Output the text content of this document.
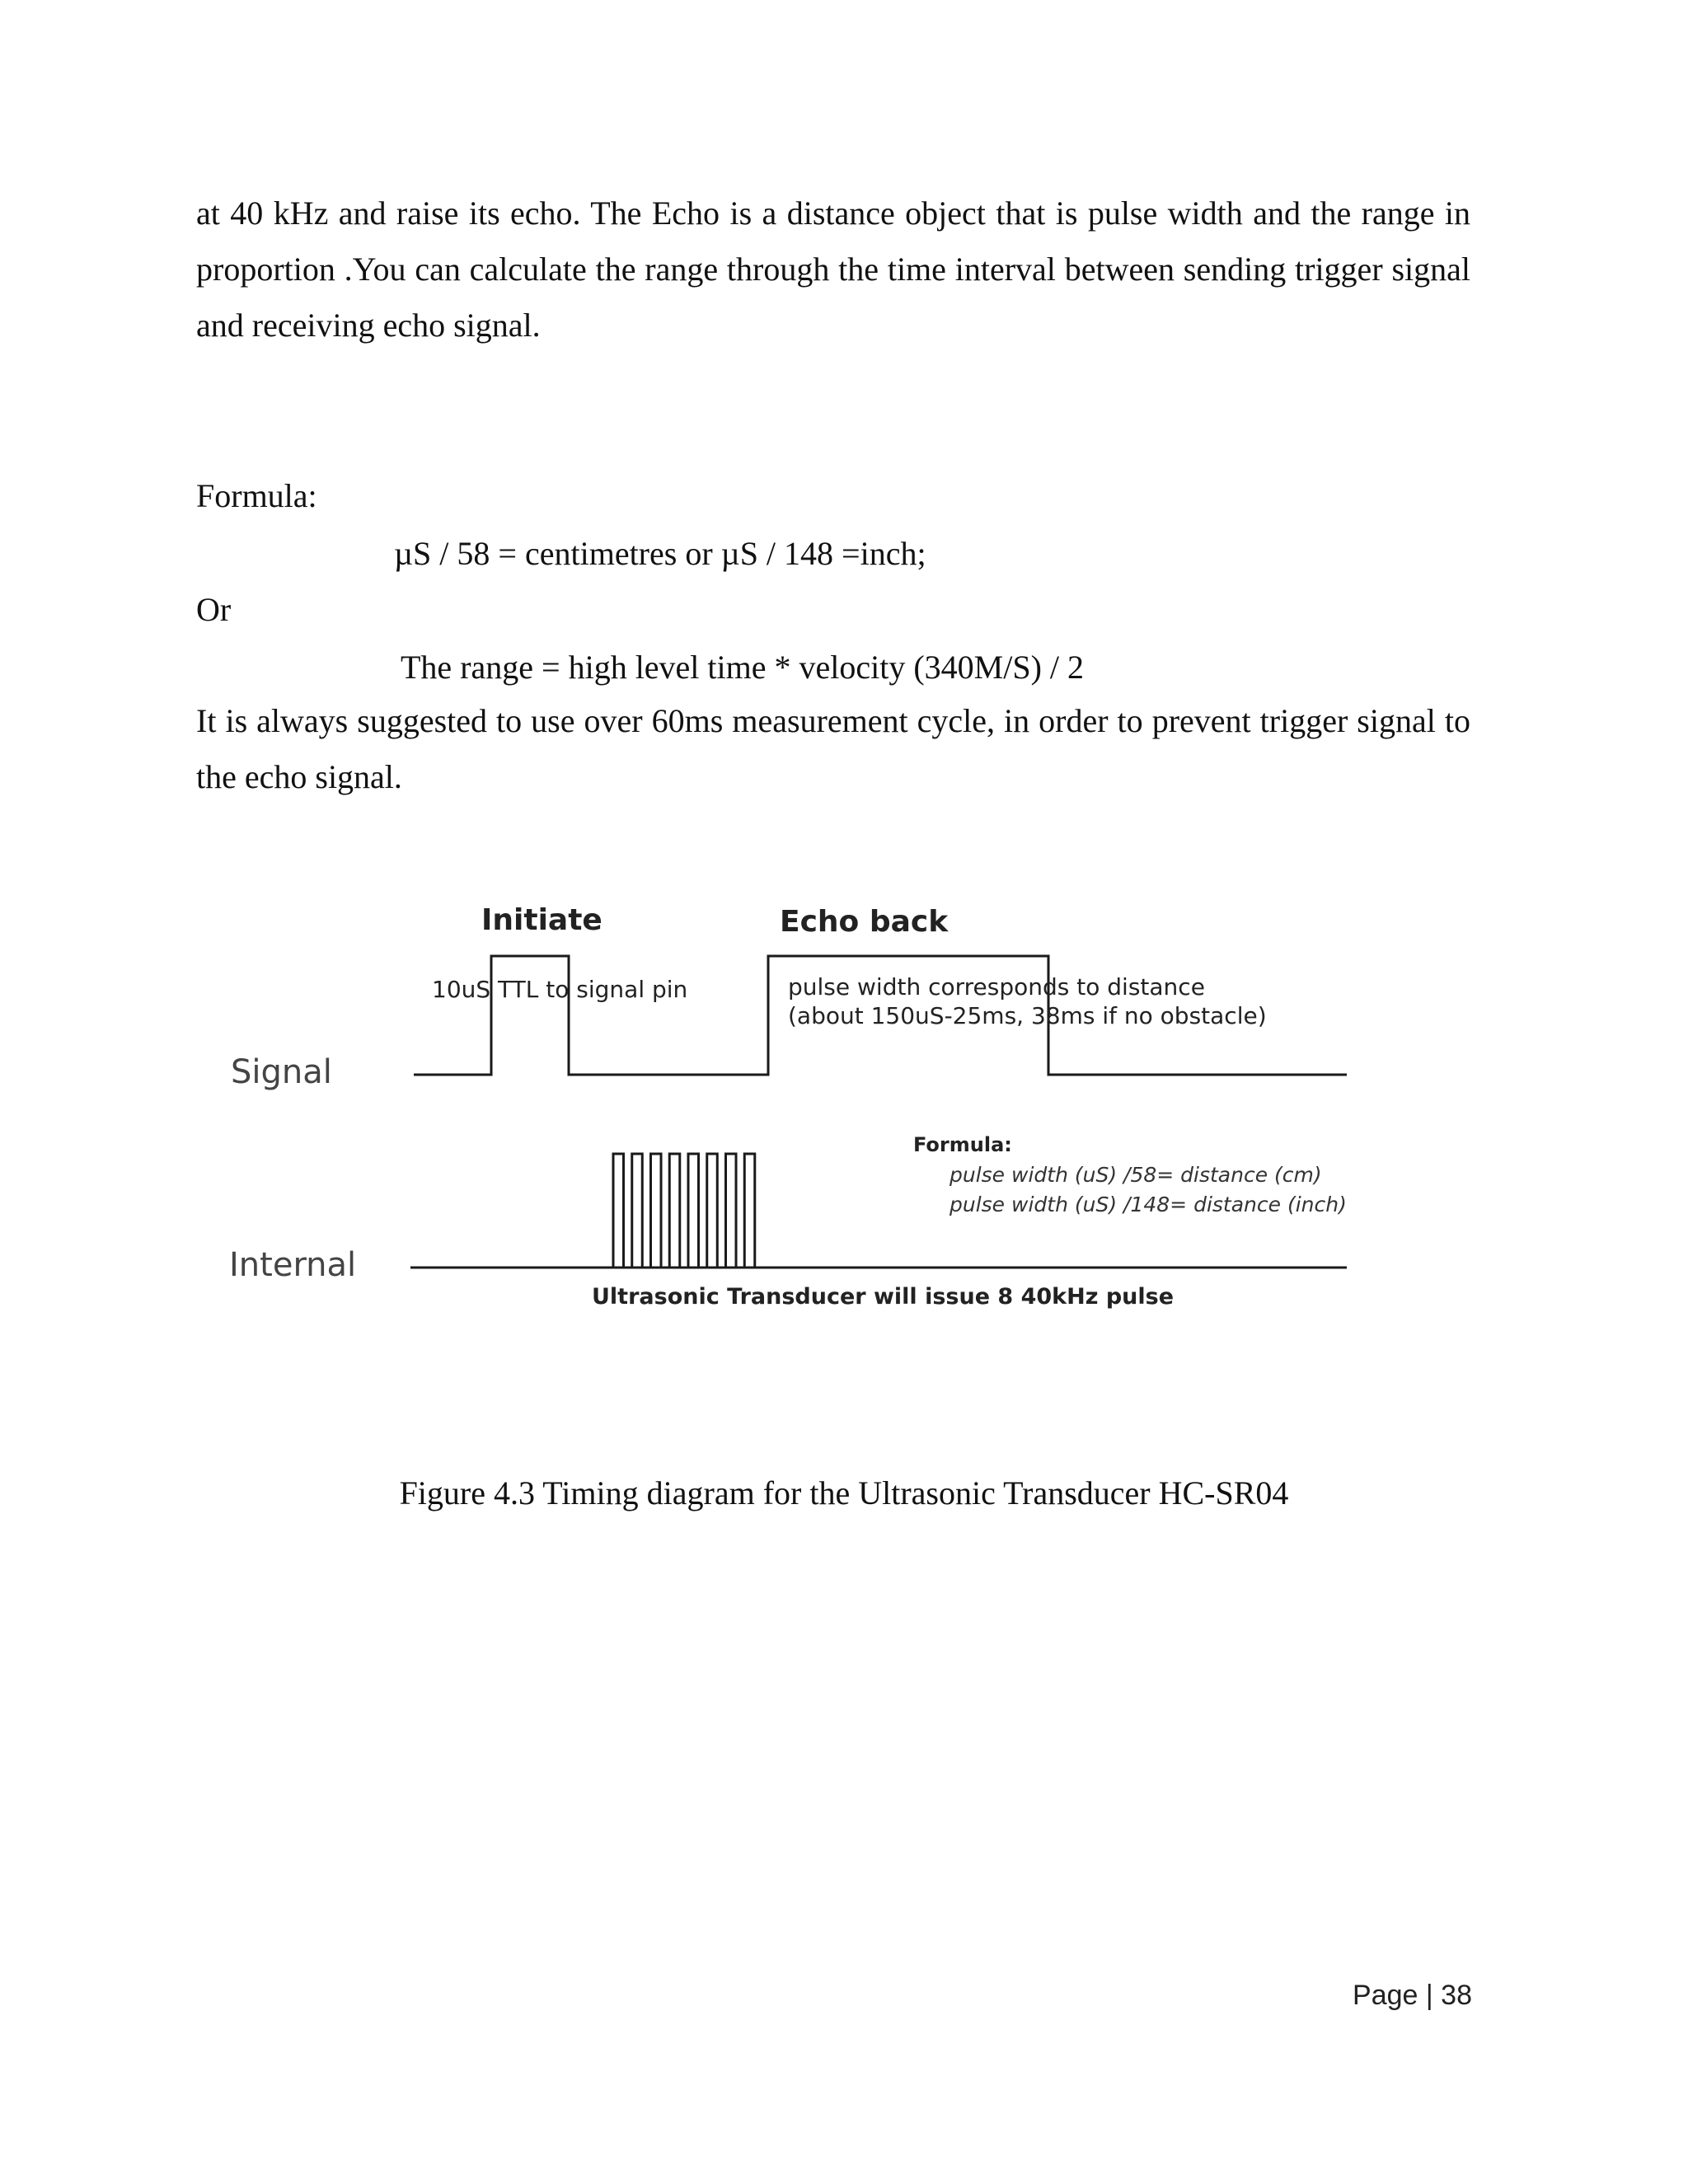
at 40 kHz and raise its echo. The Echo is a distance object that is pulse width and the range in proportion .You can calculate the range through the time interval between sending trigger signal and receiving echo signal.
Formula:
µS / 58 = centimetres or µS / 148 =inch;
Or
The range = high level time * velocity (340M/S) / 2
It is always suggested to use over 60ms measurement cycle, in order to prevent trigger signal to the echo signal.
Initiate	Echo back
10uS TTL to signal pin	pulse width corresponds to distance
(about 150uS-25ms, 38ms if no obstacle)
Signal
Internal
Formula:
pulse width (uS) /58= distance (cm)
pulse width (uS) /148= distance (inch)
Ultrasonic Transducer will issue 8 40kHz pulse
Figure 4.3 Timing diagram for the Ultrasonic Transducer HC-SR04
Page | 38
